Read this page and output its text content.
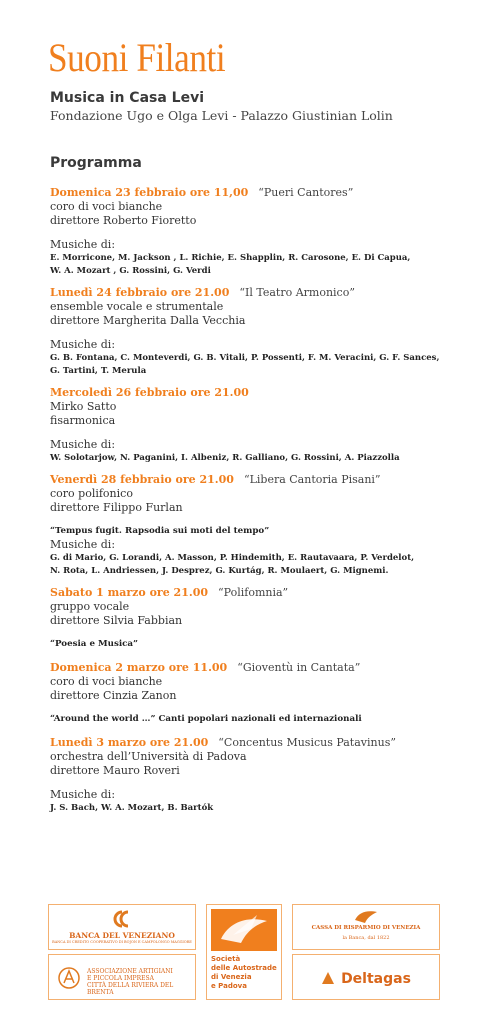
Suoni Filanti
Musica in Casa Levi
Fondazione Ugo e Olga Levi - Palazzo Giustinian Lolin
Programma
Domenica 23 febbraio ore 11,00 “Pueri Cantores”
coro di voci bianche
direttore Roberto Fioretto
Musiche di:
E. Morricone, M. Jackson , L. Richie, E. Shapplin, R. Carosone, E. Di Capua,
W. A. Mozart , G. Rossini, G. Verdi
Lunedì 24 febbraio ore 21.00 “Il Teatro Armonico”
ensemble vocale e strumentale
direttore Margherita Dalla Vecchia
Musiche di:
G. B. Fontana, C. Monteverdi, G. B. Vitali, P. Possenti, F. M. Veracini, G. F. Sances,
G. Tartini, T. Merula
Mercoledì 26 febbraio ore 21.00
Mirko Satto
fisarmonica
Musiche di:
W. Solotarjow, N. Paganini, I. Albeniz, R. Galliano, G. Rossini, A. Piazzolla
Venerdì 28 febbraio ore 21.00 “Libera Cantoria Pisani”
coro polifonico
direttore Filippo Furlan
“Tempus fugit. Rapsodia sui moti del tempo”
Musiche di:
G. di Mario, G. Lorandi, A. Masson, P. Hindemith, E. Rautavaara, P. Verdelot,
N. Rota, L. Andriessen, J. Desprez, G. Kurtág, R. Moulaert, G. Mignemi.
Sabato 1 marzo ore 21.00 “Polifomnia”
gruppo vocale
direttore Silvia Fabbian
“Poesia e Musica”
Domenica 2 marzo ore 11.00 “Gioventù in Cantata”
coro di voci bianche
direttore Cinzia Zanon
“Around the world …” Canti popolari nazionali ed internazionali
Lunedì 3 marzo ore 21.00 “Concentus Musicus Patavinus”
orchestra dell’Università di Padova
direttore Mauro Roveri
Musiche di:
J. S. Bach, W. A. Mozart, B. Bartók
BANCA DEL VENEZIANO
BANCA DI CREDITO COOPERATIVO DI BOJON E CAMPOLONGO MAGGIORE
ASSOCIAZIONE ARTIGIANI
E PICCOLA IMPRESA
CITTÀ DELLA RIVIERA DEL BRENTA
Società
delle Autostrade
di Venezia
e Padova
CASSA DI RISPARMIO DI VENEZIA
la Banca, dal 1822
Deltagas
